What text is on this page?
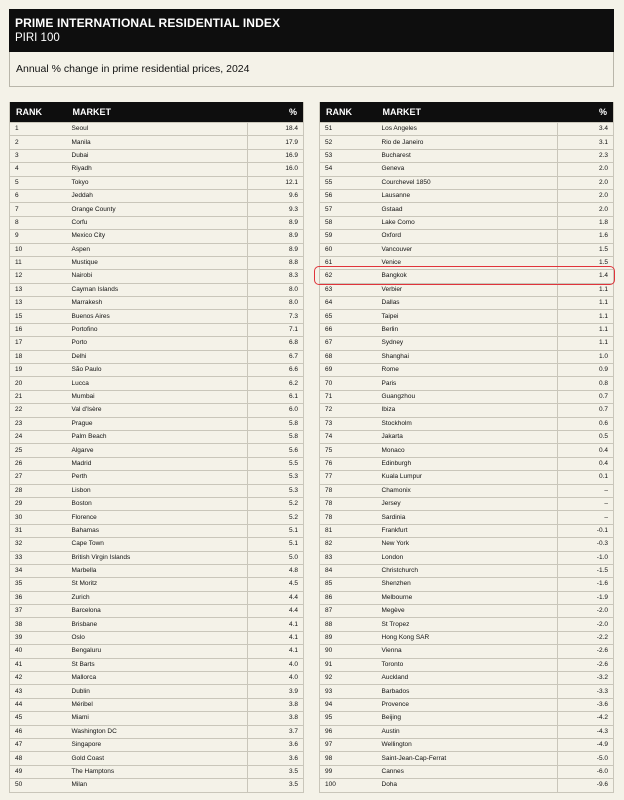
PRIME INTERNATIONAL RESIDENTIAL INDEX
PIRI 100
Annual % change in prime residential prices, 2024
RANK	MARKET	%
1	Seoul	18.4
2	Manila	17.9
3	Dubai	16.9
4	Riyadh	16.0
5	Tokyo	12.1
6	Jeddah	9.6
7	Orange County	9.3
8	Corfu	8.9
9	Mexico City	8.9
10	Aspen	8.9
11	Mustique	8.8
12	Nairobi	8.3
13	Cayman Islands	8.0
13	Marrakesh	8.0
15	Buenos Aires	7.3
16	Portofino	7.1
17	Porto	6.8
18	Delhi	6.7
19	São Paulo	6.6
20	Lucca	6.2
21	Mumbai	6.1
22	Val d'Isère	6.0
23	Prague	5.8
24	Palm Beach	5.8
25	Algarve	5.6
26	Madrid	5.5
27	Perth	5.3
28	Lisbon	5.3
29	Boston	5.2
30	Florence	5.2
31	Bahamas	5.1
32	Cape Town	5.1
33	British Virgin Islands	5.0
34	Marbella	4.8
35	St Moritz	4.5
36	Zurich	4.4
37	Barcelona	4.4
38	Brisbane	4.1
39	Oslo	4.1
40	Bengaluru	4.1
41	St Barts	4.0
42	Mallorca	4.0
43	Dublin	3.9
44	Méribel	3.8
45	Miami	3.8
46	Washington DC	3.7
47	Singapore	3.6
48	Gold Coast	3.6
49	The Hamptons	3.5
50	Milan	3.5
RANK	MARKET	%
51	Los Angeles	3.4
52	Rio de Janeiro	3.1
53	Bucharest	2.3
54	Geneva	2.0
55	Courchevel 1850	2.0
56	Lausanne	2.0
57	Gstaad	2.0
58	Lake Como	1.8
59	Oxford	1.6
60	Vancouver	1.5
61	Venice	1.5
62	Bangkok	1.4
63	Verbier	1.1
64	Dallas	1.1
65	Taipei	1.1
66	Berlin	1.1
67	Sydney	1.1
68	Shanghai	1.0
69	Rome	0.9
70	Paris	0.8
71	Guangzhou	0.7
72	Ibiza	0.7
73	Stockholm	0.6
74	Jakarta	0.5
75	Monaco	0.4
76	Edinburgh	0.4
77	Kuala Lumpur	0.1
78	Chamonix	–
78	Jersey	–
78	Sardinia	–
81	Frankfurt	-0.1
82	New York	-0.3
83	London	-1.0
84	Christchurch	-1.5
85	Shenzhen	-1.6
86	Melbourne	-1.9
87	Megève	-2.0
88	St Tropez	-2.0
89	Hong Kong SAR	-2.2
90	Vienna	-2.6
91	Toronto	-2.6
92	Auckland	-3.2
93	Barbados	-3.3
94	Provence	-3.6
95	Beijing	-4.2
96	Austin	-4.3
97	Wellington	-4.9
98	Saint-Jean-Cap-Ferrat	-5.0
99	Cannes	-6.0
100	Doha	-9.6
